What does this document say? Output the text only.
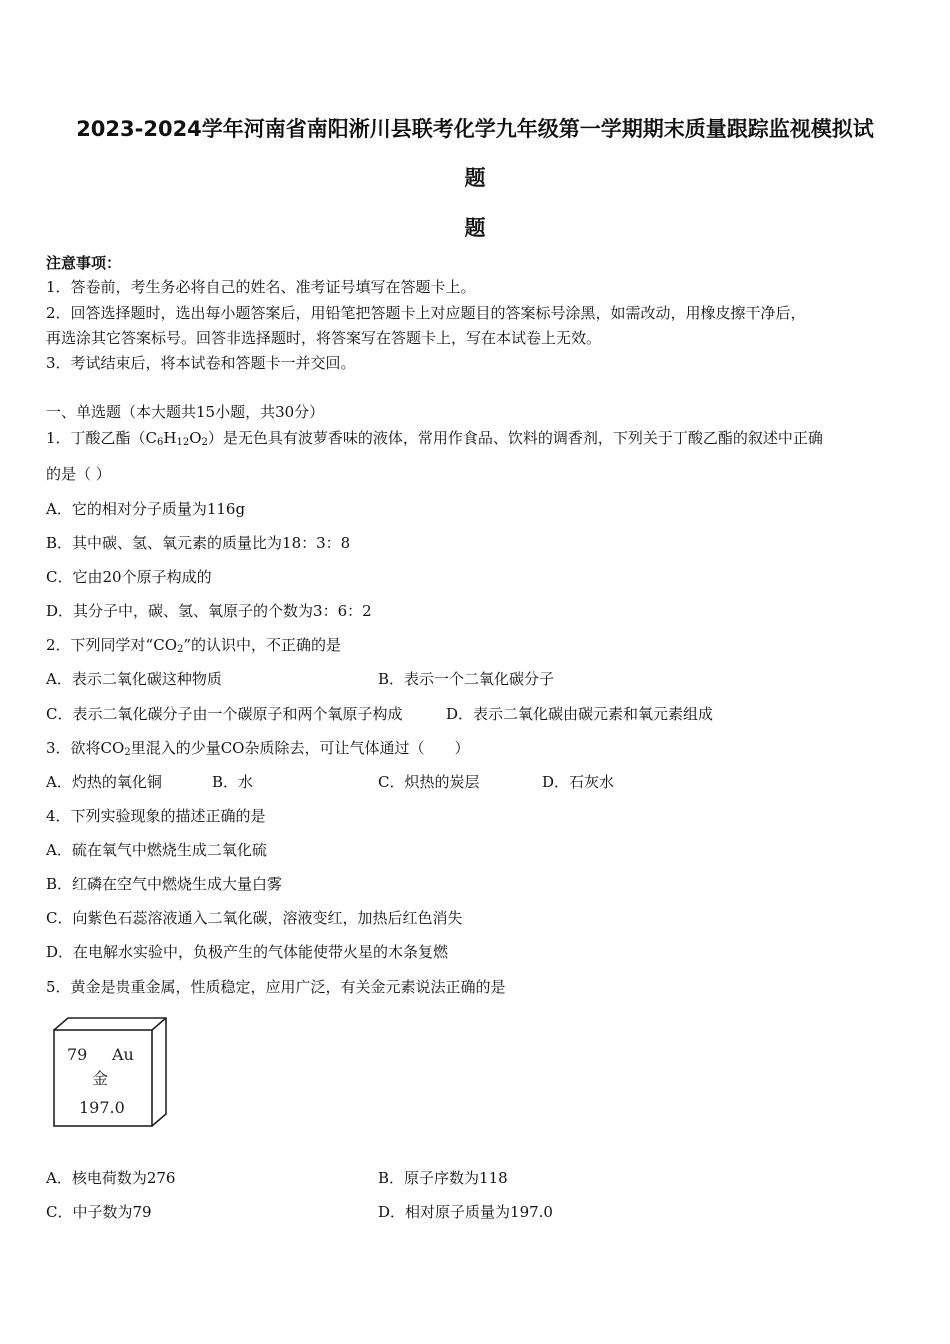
2023-2024学年河南省南阳淅川县联考化学九年级第一学期期末质量跟踪监视模拟试
题
题
注意事项：
1．答卷前，考生务必将自己的姓名、准考证号填写在答题卡上。
2．回答选择题时，选出每小题答案后，用铅笔把答题卡上对应题目的答案标号涂黑，如需改动，用橡皮擦干净后，
再选涂其它答案标号。回答非选择题时，将答案写在答题卡上，写在本试卷上无效。
3．考试结束后，将本试卷和答题卡一并交回。
一、单选题（本大题共15小题，共30分）
1．丁酸乙酯$(C_6H_{12}O_2)$是无色具有波萝香味的液体，常用作食品、饮料的调香剂，下列关于丁酸乙酯的叙述中正确
的是（ ）
A．它的相对分子质量为116g
B．其中碳、氢、氧元素的质量比为18：3：8
C．它由20个原子构成的
D．其分子中，碳、氢、氧原子的个数为3：6：2
2．下列同学对“$CO_2$”的认识中，不正确的是
A．表示二氧化碳这种物质	B．表示一个二氧化碳分子
C．表示二氧化碳分子由一个碳原子和两个氧原子构成	D．表示二氧化碳由碳元素和氧元素组成
3．欲将$CO_2$里混入的少量CO杂质除去，可让气体通过（　　）
A．灼热的氧化铜	B．水	C．炽热的炭层	D．石灰水
4．下列实验现象的描述正确的是
A．硫在氧气中燃烧生成二氧化硫
B．红磷在空气中燃烧生成大量白雾
C．向紫色石蕊溶液通入二氧化碳，溶液变红，加热后红色消失
D．在电解水实验中，负极产生的气体能使带火星的木条复燃
5．黄金是贵重金属，性质稳定，应用广泛，有关金元素说法正确的是
79 Au
金
197.0
A．核电荷数为276	B．原子序数为118
C．中子数为79	D．相对原子质量为197.0
